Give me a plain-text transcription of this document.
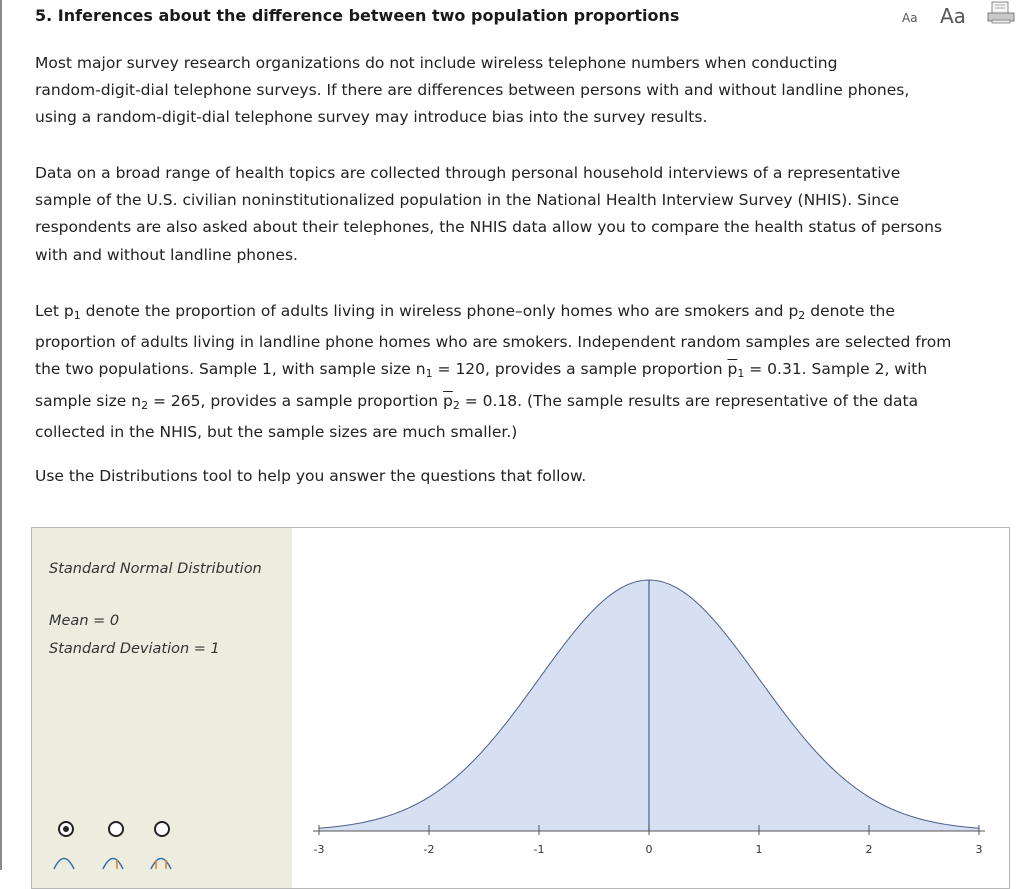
5. Inferences about the difference between two population proportions	Aa Aa
Most major survey research organizations do not include wireless telephone numbers when conducting
random-digit-dial telephone surveys. If there are differences between persons with and without landline phones,
using a random-digit-dial telephone survey may introduce bias into the survey results.
Data on a broad range of health topics are collected through personal household interviews of a representative
sample of the U.S. civilian noninstitutionalized population in the National Health Interview Survey (NHIS). Since
respondents are also asked about their telephones, the NHIS data allow you to compare the health status of persons
with and without landline phones.
Let $p_1$ denote the proportion of adults living in wireless phone–only homes who are smokers and $p_2$ denote the
proportion of adults living in landline phone homes who are smokers. Independent random samples are selected from
the two populations. Sample 1, with sample size $n_1 = 120$, provides a sample proportion $\overline{p}_1 = 0.31$. Sample 2, with
sample size $n_2 = 265$, provides a sample proportion $\overline{p}_2 = 0.18$. (The sample results are representative of the data
collected in the NHIS, but the sample sizes are much smaller.)
Use the Distributions tool to help you answer the questions that follow.
Standard Normal Distribution
Mean = 0
Standard Deviation = 1
-3	-2	-1	0	1	2	3
